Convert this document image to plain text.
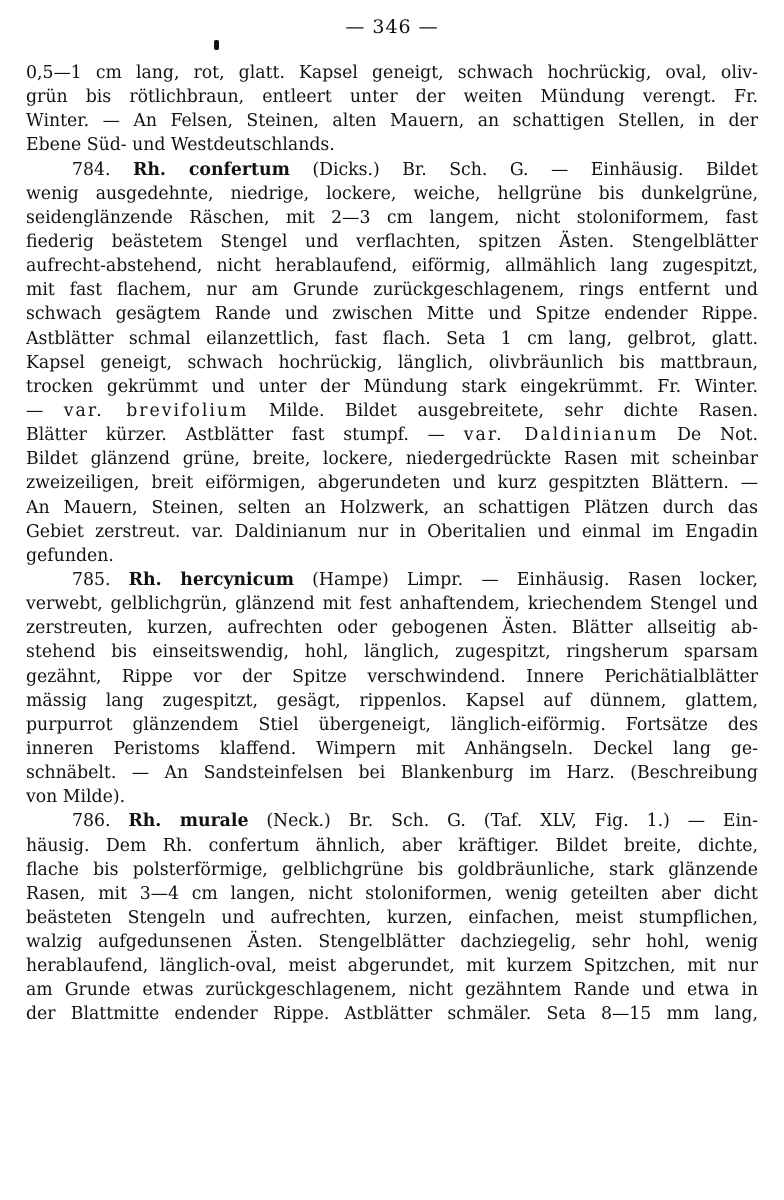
— 346 —
0,5—1 cm lang, rot, glatt. Kapsel geneigt, schwach hochrückig, oval, oliv-
grün bis rötlichbraun, entleert unter der weiten Mündung verengt. Fr.
Winter. — An Felsen, Steinen, alten Mauern, an schattigen Stellen, in der
Ebene Süd- und Westdeutschlands.
784. Rh. confertum (Dicks.) Br. Sch. G. — Einhäusig. Bildet
wenig ausgedehnte, niedrige, lockere, weiche, hellgrüne bis dunkelgrüne,
seidenglänzende Räschen, mit 2—3 cm langem, nicht stoloniformem, fast
fiederig beästetem Stengel und verflachten, spitzen Ästen. Stengelblätter
aufrecht-abstehend, nicht herablaufend, eiförmig, allmählich lang zugespitzt,
mit fast flachem, nur am Grunde zurückgeschlagenem, rings entfernt und
schwach gesägtem Rande und zwischen Mitte und Spitze endender Rippe.
Astblätter schmal eilanzettlich, fast flach. Seta 1 cm lang, gelbrot, glatt.
Kapsel geneigt, schwach hochrückig, länglich, olivbräunlich bis mattbraun,
trocken gekrümmt und unter der Mündung stark eingekrümmt. Fr. Winter.
— var. brevifolium Milde. Bildet ausgebreitete, sehr dichte Rasen.
Blätter kürzer. Astblätter fast stumpf. — var. Daldinianum De Not.
Bildet glänzend grüne, breite, lockere, niedergedrückte Rasen mit scheinbar
zweizeiligen, breit eiförmigen, abgerundeten und kurz gespitzten Blättern. —
An Mauern, Steinen, selten an Holzwerk, an schattigen Plätzen durch das
Gebiet zerstreut. var. Daldinianum nur in Oberitalien und einmal im Engadin
gefunden.
785. Rh. hercynicum (Hampe) Limpr. — Einhäusig. Rasen locker,
verwebt, gelblichgrün, glänzend mit fest anhaftendem, kriechendem Stengel und
zerstreuten, kurzen, aufrechten oder gebogenen Ästen. Blätter allseitig ab-
stehend bis einseitswendig, hohl, länglich, zugespitzt, ringsherum sparsam
gezähnt, Rippe vor der Spitze verschwindend. Innere Perichätialblätter
mässig lang zugespitzt, gesägt, rippenlos. Kapsel auf dünnem, glattem,
purpurrot glänzendem Stiel übergeneigt, länglich-eiförmig. Fortsätze des
inneren Peristoms klaffend. Wimpern mit Anhängseln. Deckel lang ge-
schnäbelt. — An Sandsteinfelsen bei Blankenburg im Harz. (Beschreibung
von Milde).
786. Rh. murale (Neck.) Br. Sch. G. (Taf. XLV, Fig. 1.) — Ein-
häusig. Dem Rh. confertum ähnlich, aber kräftiger. Bildet breite, dichte,
flache bis polsterförmige, gelblichgrüne bis goldbräunliche, stark glänzende
Rasen, mit 3—4 cm langen, nicht stoloniformen, wenig geteilten aber dicht
beästeten Stengeln und aufrechten, kurzen, einfachen, meist stumpflichen,
walzig aufgedunsenen Ästen. Stengelblätter dachziegelig, sehr hohl, wenig
herablaufend, länglich-oval, meist abgerundet, mit kurzem Spitzchen, mit nur
am Grunde etwas zurückgeschlagenem, nicht gezähntem Rande und etwa in
der Blattmitte endender Rippe. Astblätter schmäler. Seta 8—15 mm lang,
